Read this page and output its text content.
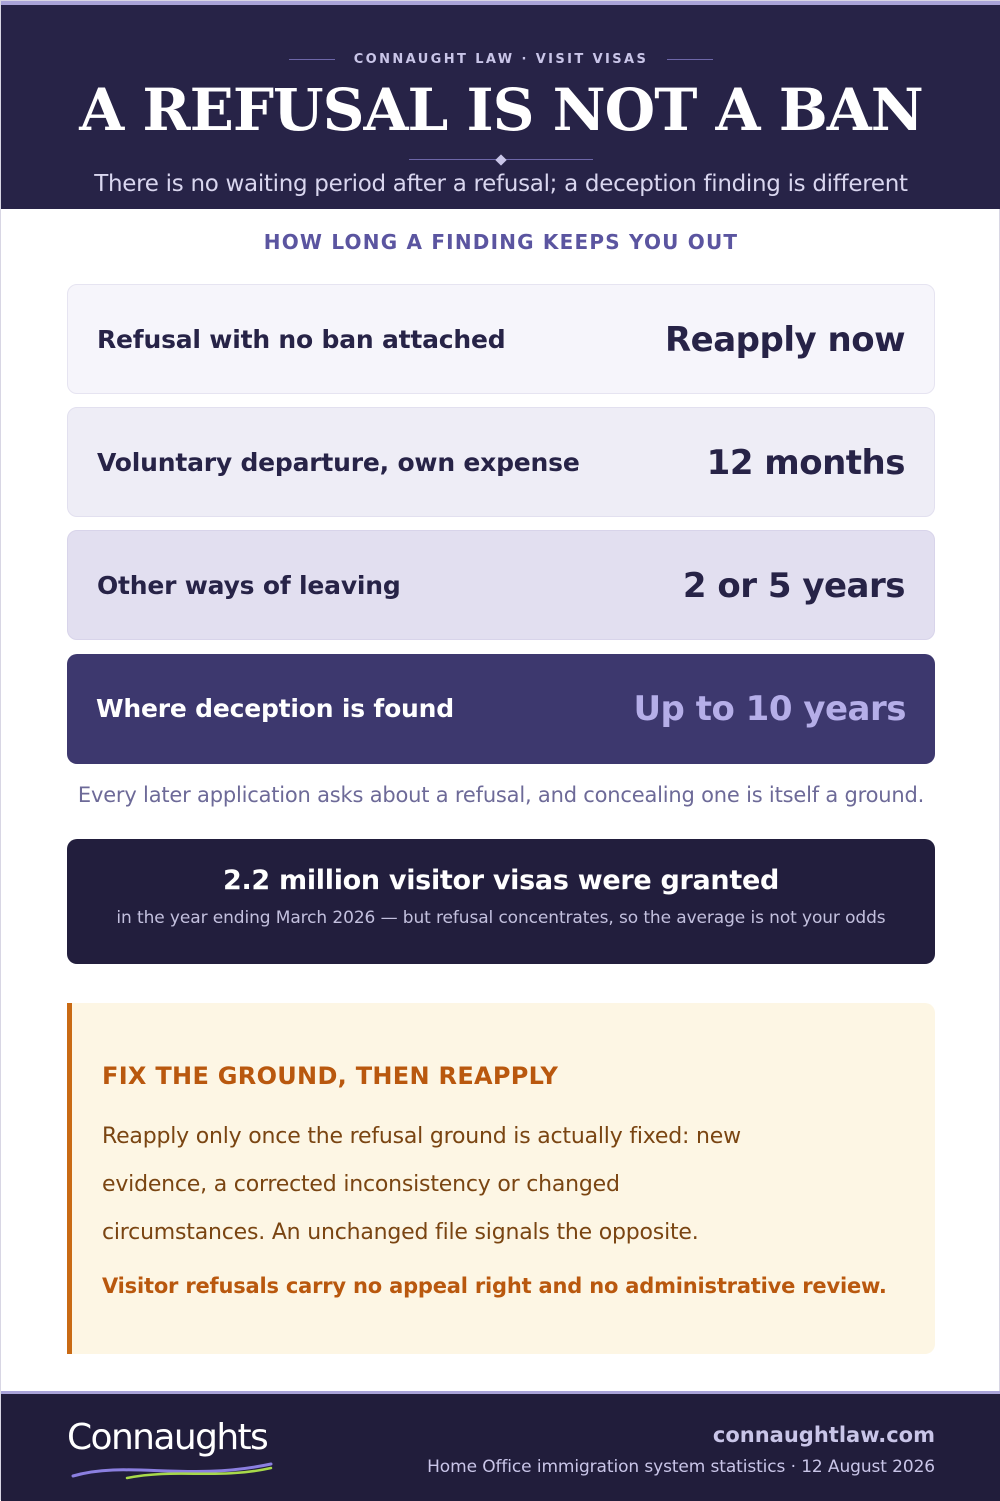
CONNAUGHT LAW · VISIT VISAS
A REFUSAL IS NOT A BAN
There is no waiting period after a refusal; a deception finding is different
HOW LONG A FINDING KEEPS YOU OUT
Refusal with no ban attached	Reapply now
Voluntary departure, own expense	12 months
Other ways of leaving	2 or 5 years
Where deception is found	Up to 10 years
Every later application asks about a refusal, and concealing one is itself a ground.
2.2 million visitor visas were granted
in the year ending March 2026 — but refusal concentrates, so the average is not your odds
FIX THE GROUND, THEN REAPPLY
Reapply only once the refusal ground is actually fixed: new evidence, a corrected inconsistency or changed circumstances. An unchanged file signals the opposite.
Visitor refusals carry no appeal right and no administrative review.
Connaughts	connaughtlaw.com
Home Office immigration system statistics · 12 August 2026
